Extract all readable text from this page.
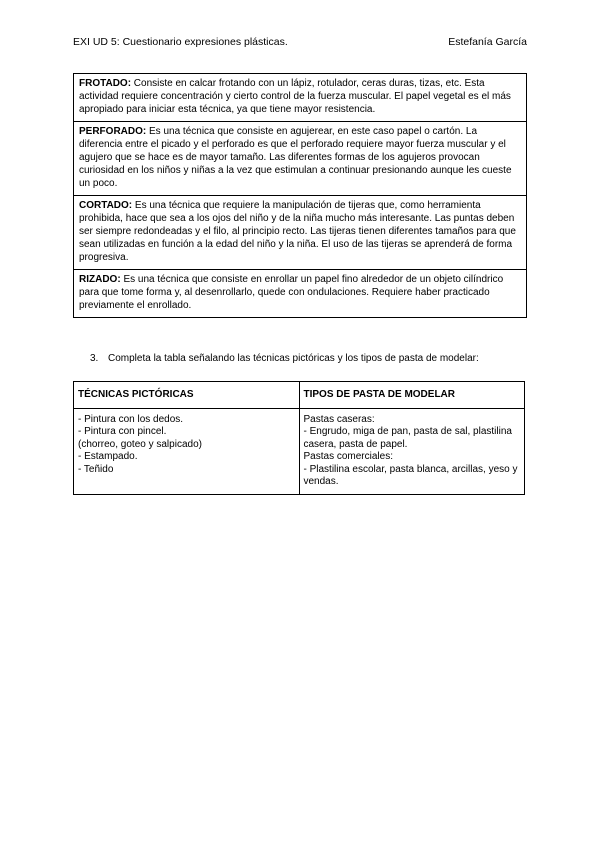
EXI UD 5: Cuestionario expresiones plásticas.	Estefanía García
FROTADO: Consiste en calcar frotando con un lápiz, rotulador, ceras duras, tizas, etc. Esta actividad requiere concentración y cierto control de la fuerza muscular. El papel vegetal es el más apropiado para iniciar esta técnica, ya que tiene mayor resistencia.
PERFORADO: Es una técnica que consiste en agujerear, en este caso papel o cartón. La diferencia entre el picado y el perforado es que el perforado requiere mayor fuerza muscular y el agujero que se hace es de mayor tamaño. Las diferentes formas de los agujeros provocan curiosidad en los niños y niñas a la vez que estimulan a continuar presionando aunque les cueste un poco.
CORTADO: Es una técnica que requiere la manipulación de tijeras que, como herramienta prohibida, hace que sea a los ojos del niño y de la niña mucho más interesante. Las puntas deben ser siempre redondeadas y el filo, al principio recto. Las tijeras tienen diferentes tamaños para que sean utilizadas en función a la edad del niño y la niña. El uso de las tijeras se aprenderá de forma progresiva.
RIZADO: Es una técnica que consiste en enrollar un papel fino alrededor de un objeto cilíndrico para que tome forma y, al desenrollarlo, quede con ondulaciones. Requiere haber practicado previamente el enrollado.
3. Completa la tabla señalando las técnicas pictóricas y los tipos de pasta de modelar:
TÉCNICAS PICTÓRICAS	TIPOS DE PASTA DE MODELAR

- Pintura con los dedos.
- Pintura con pincel.
(chorreo, goteo y salpicado)
- Estampado.
- Teñido	Pastas caseras:
- Engrudo, miga de pan, pasta de sal, plastilina casera, pasta de papel.
Pastas comerciales:
- Plastilina escolar, pasta blanca, arcillas, yeso y vendas.
